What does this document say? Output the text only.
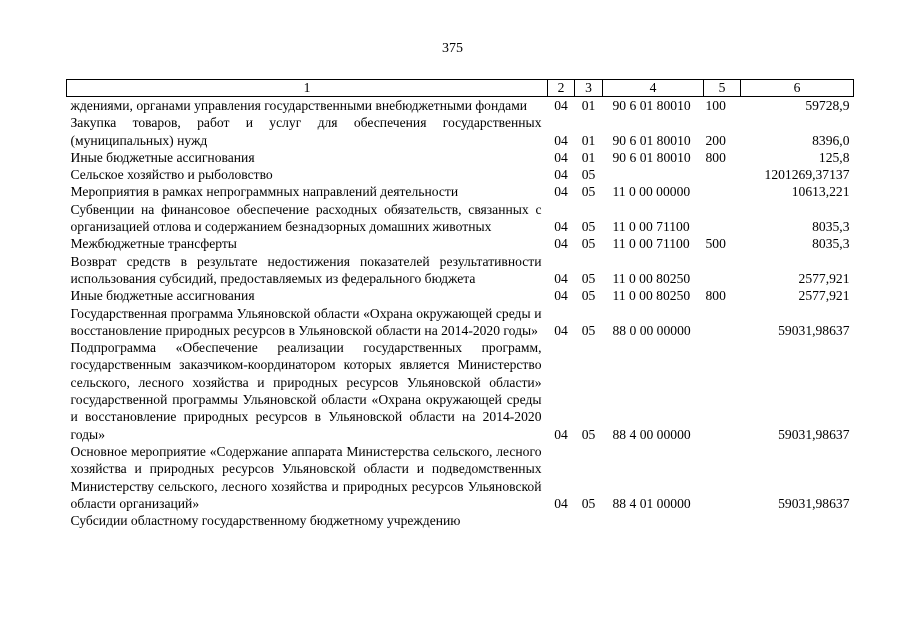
375
1	2	3	4	5	6
ждениями, органами управления государственными внебюджетными фондами	04	01	90 6 01 80010	100	59728,9
Закупка товаров, работ и услуг для обеспечения государственных (муниципальных) нужд	04	01	90 6 01 80010	200	8396,0
Иные бюджетные ассигнования	04	01	90 6 01 80010	800	125,8
Сельское хозяйство и рыболовство	04	05			1201269,37137
Мероприятия в рамках непрограммных направлений деятельности	04	05	11 0 00 00000		10613,221
Субвенции на финансовое обеспечение расходных обязательств, связанных с организацией отлова и содержанием безнадзорных домашних животных	04	05	11 0 00 71100		8035,3
Межбюджетные трансферты	04	05	11 0 00 71100	500	8035,3
Возврат средств в результате недостижения показателей результативности использования субсидий, предоставляемых из федерального бюджета	04	05	11 0 00 80250		2577,921
Иные бюджетные ассигнования	04	05	11 0 00 80250	800	2577,921
Государственная программа Ульяновской области «Охрана окружающей среды и восстановление природных ресурсов в Ульяновской области на 2014-2020 годы»	04	05	88 0 00 00000		59031,98637
Подпрограмма «Обеспечение реализации государственных программ, государственным заказчиком-координатором которых является Министерство сельского, лесного хозяйства и природных ресурсов Ульяновской области» государственной программы Ульяновской области «Охрана окружающей среды и восстановление природных ресурсов в Ульяновской области на 2014-2020 годы»	04	05	88 4 00 00000		59031,98637
Основное мероприятие «Содержание аппарата Министерства сельского, лесного хозяйства и природных ресурсов Ульяновской области и подведомственных Министерству сельского, лесного хозяйства и природных ресурсов Ульяновской области организаций»	04	05	88 4 01 00000		59031,98637
Субсидии областному государственному бюджетному учреждению					
